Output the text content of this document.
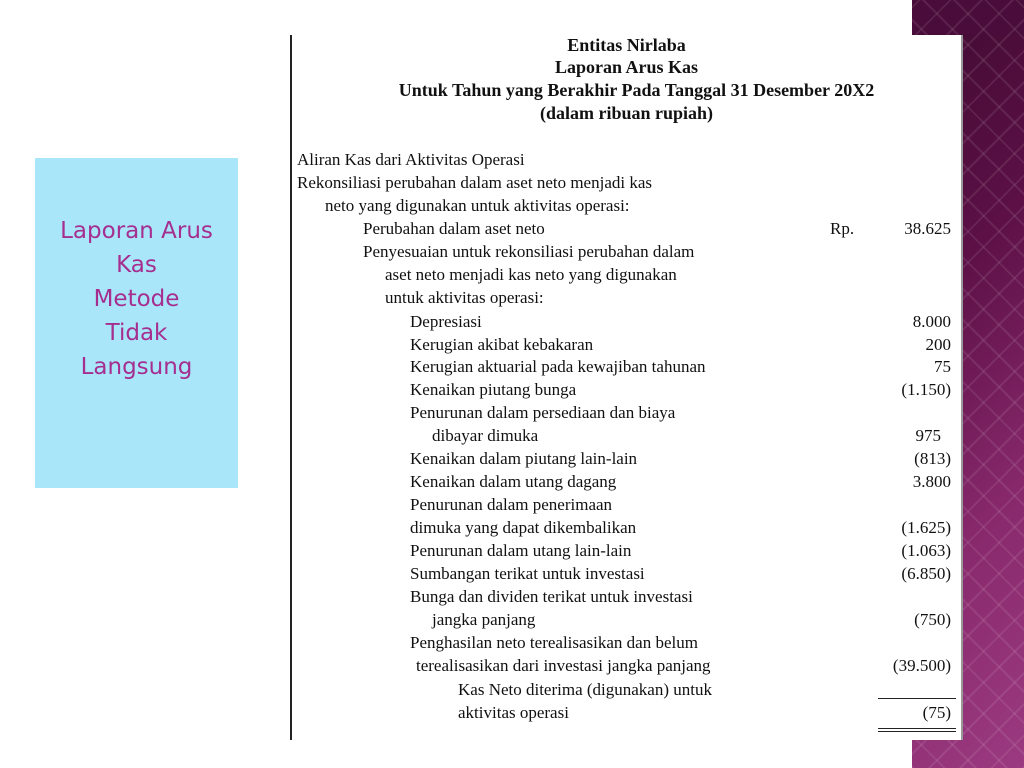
Laporan Arus
Kas
Metode
Tidak
Langsung
Entitas Nirlaba
Laporan Arus Kas
Untuk Tahun yang Berakhir Pada Tanggal 31 Desember 20X2
(dalam ribuan rupiah)
Aliran Kas dari Aktivitas Operasi
Rekonsiliasi perubahan dalam aset neto menjadi kas
neto yang digunakan untuk aktivitas operasi:
Perubahan dalam aset neto	Rp.	38.625
Penyesuaian untuk rekonsiliasi perubahan dalam
aset neto menjadi kas neto yang digunakan
untuk aktivitas operasi:
Depresiasi	8.000
Kerugian akibat kebakaran	200
Kerugian aktuarial pada kewajiban tahunan	75
Kenaikan piutang bunga	(1.150)
Penurunan dalam persediaan dan biaya
dibayar dimuka	975
Kenaikan dalam piutang lain-lain	(813)
Kenaikan dalam utang dagang	3.800
Penurunan dalam penerimaan
dimuka yang dapat dikembalikan	(1.625)
Penurunan dalam utang lain-lain	(1.063)
Sumbangan terikat untuk investasi	(6.850)
Bunga dan dividen terikat untuk investasi
jangka panjang	(750)
Penghasilan neto terealisasikan dan belum
terealisasikan dari investasi jangka panjang	(39.500)
Kas Neto diterima (digunakan) untuk
aktivitas operasi	(75)
